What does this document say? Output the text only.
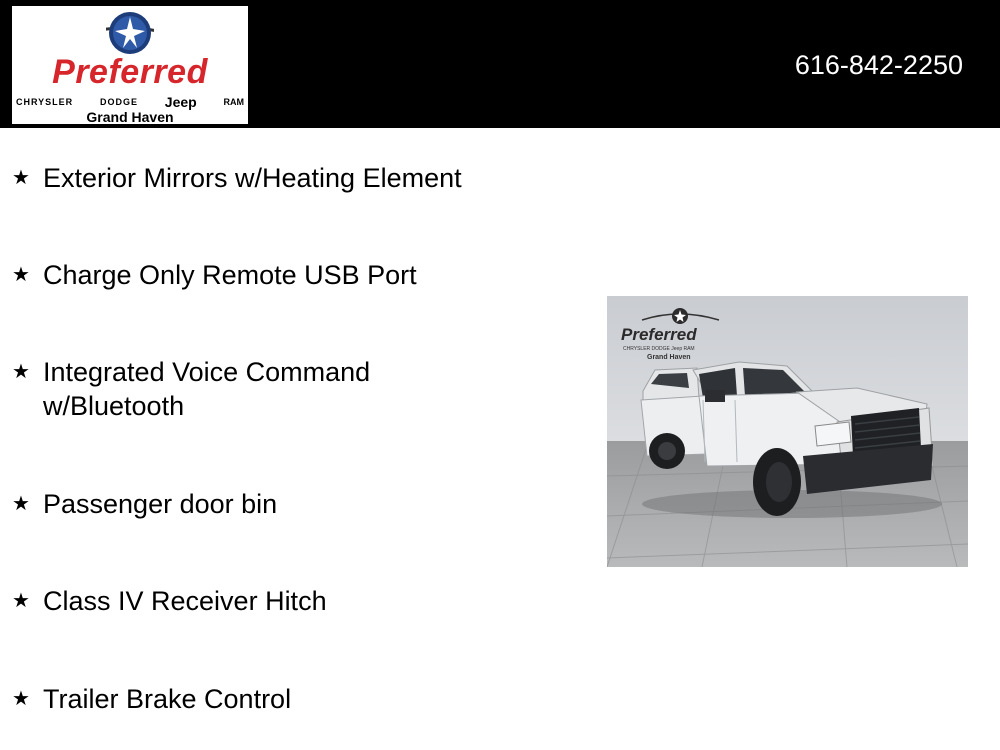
Preferred
CHRYSLER	DODGE Jeep	RAM
Grand Haven
616-842-2250
★ Exterior Mirrors w/Heating Element
★ Charge Only Remote USB Port
★ Integrated Voice Command w/Bluetooth
★ Passenger door bin
★ Class IV Receiver Hitch
★ Trailer Brake Control
Preferred
CHRYSLER DODGE Jeep RAM
Grand Haven
